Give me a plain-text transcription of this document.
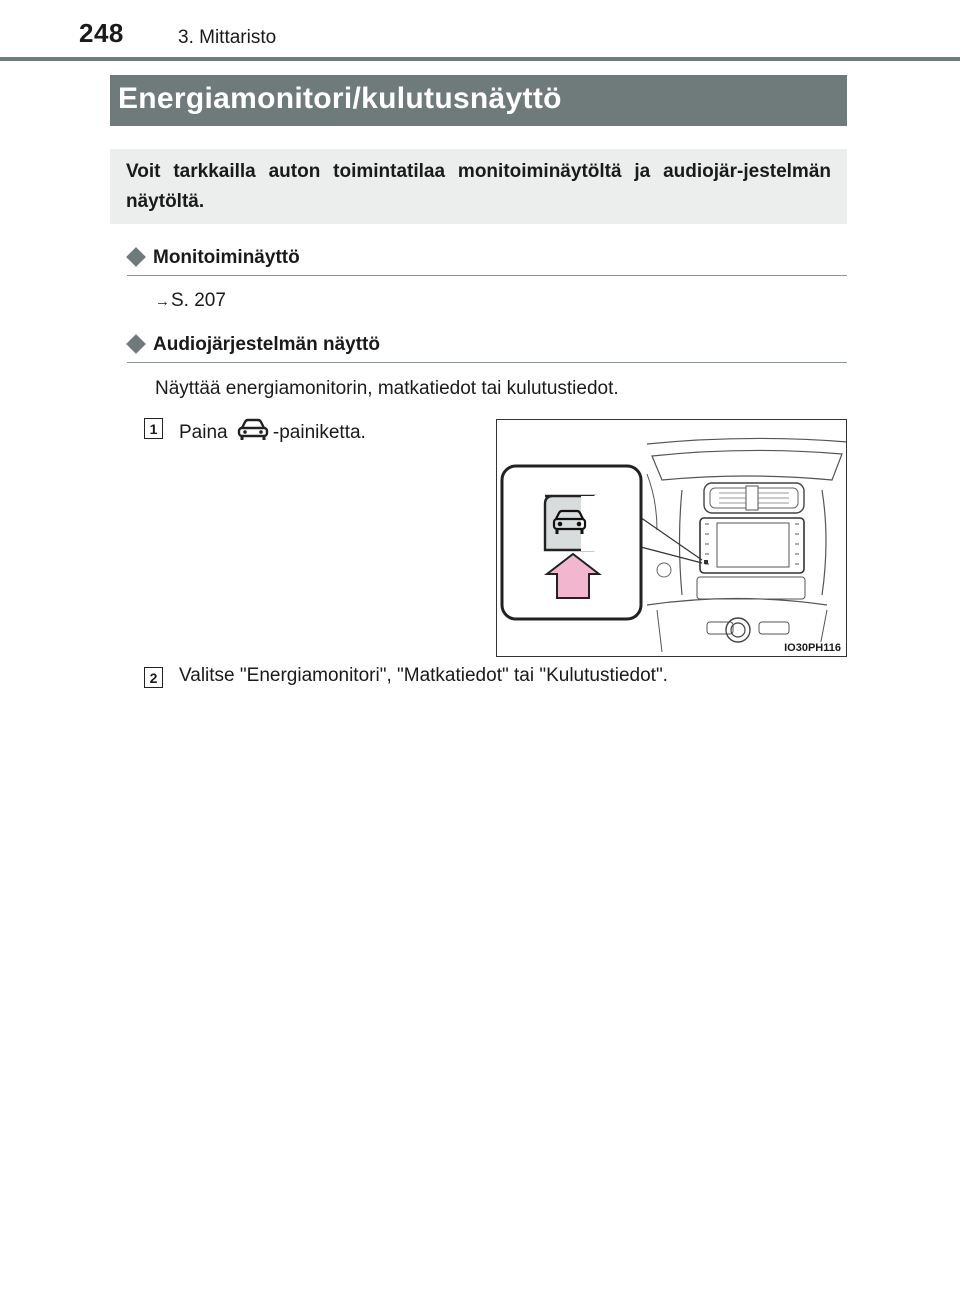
248	3. Mittaristo
Energiamonitori/kulutusnäyttö
Voit tarkkailla auton toimintatilaa monitoiminäytöltä ja audiojär-jestelmän näytöltä.
Monitoiminäyttö
→S. 207
Audiojärjestelmän näyttö
Näyttää energiamonitorin, matkatiedot tai kulutustiedot.
1 Paina -painiketta.
IO30PH116
2 Valitse "Energiamonitori", "Matkatiedot" tai "Kulutustiedot".
